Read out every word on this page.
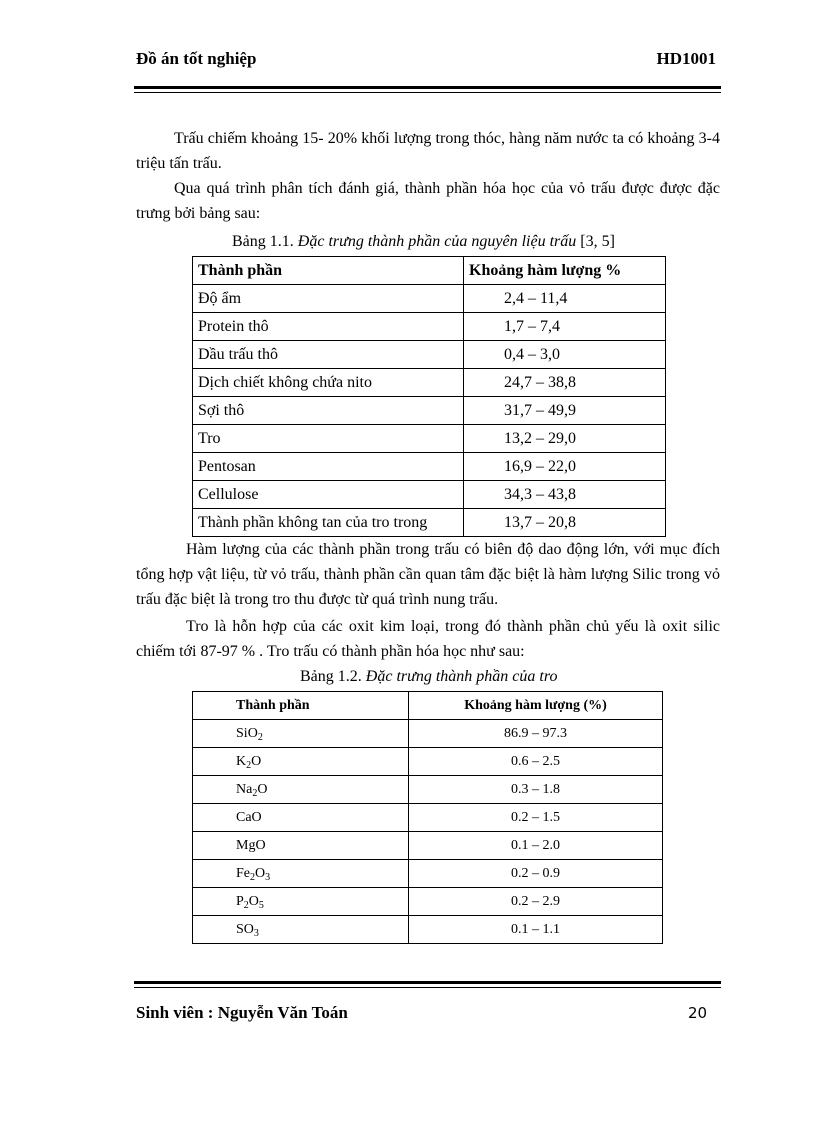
Đồ án tốt nghiệp	HD1001

Trấu chiếm khoảng 15- 20% khối lượng trong thóc, hàng năm nước ta có khoảng 3-4 triệu tấn trấu.

Qua quá trình phân tích đánh giá, thành phần hóa học của vỏ trấu được được đặc trưng bởi bảng sau:

Bảng 1.1. Đặc trưng thành phần của nguyên liệu trấu [3, 5]
Thành phần	Khoảng hàm lượng %
Độ ẩm	2,4 – 11,4
Protein thô	1,7 – 7,4
Dầu trấu thô	0,4 – 3,0
Dịch chiết không chứa nito	24,7 – 38,8
Sợi thô	31,7 – 49,9
Tro	13,2 – 29,0
Pentosan	16,9 – 22,0
Cellulose	34,3 – 43,8
Thành phần không tan của tro trong	13,7 – 20,8

Hàm lượng của các thành phần trong trấu có biên độ dao động lớn, với mục đích tổng hợp vật liệu, từ vỏ trấu, thành phần cần quan tâm đặc biệt là hàm lượng Silic trong vỏ trấu đặc biệt là trong tro thu được từ quá trình nung trấu.

Tro là hỗn hợp của các oxit kim loại, trong đó thành phần chủ yếu là oxit silic chiếm tới 87-97 % . Tro trấu có thành phần hóa học như sau:

Bảng 1.2. Đặc trưng thành phần của tro
Thành phần	Khoảng hàm lượng (%)
SiO$_2$	86.9 – 97.3
$K_2O$	0.6 – 2.5
$Na_2O$	0.3 – 1.8
CaO	0.2 – 1.5
MgO	0.1 – 2.0
$Fe_2O_3$	0.2 – 0.9
$P_2O_5$	0.2 – 2.9
$SO_3$	0.1 – 1.1
Sinh viên : Nguyễn Văn Toán	20
